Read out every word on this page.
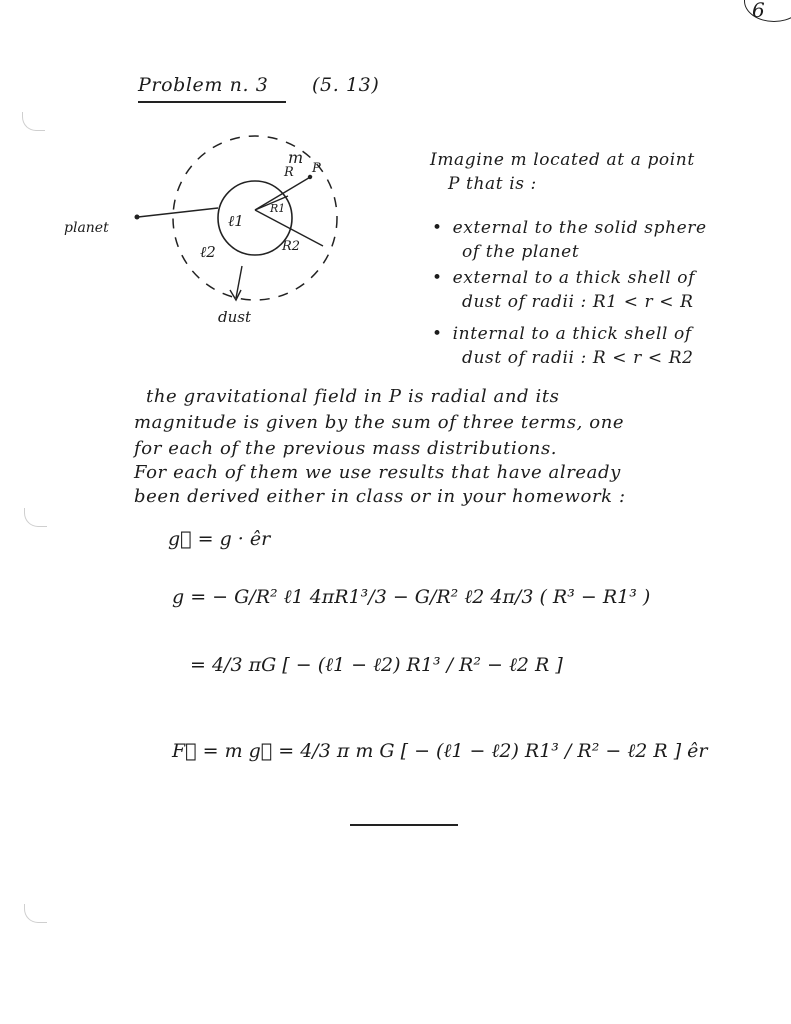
6
Problem n. 3 (5. 13)
m
R P
R1
ℓ1
R2
ℓ2
planet
dust
Imagine m located at a point
P that is :
• external to the solid sphere
of the planet
• external to a thick shell of
dust of radii : R1 < r < R
• internal to a thick shell of
dust of radii : R < r < R2
the gravitational field in P is radial and its
magnitude is given by the sum of three terms, one
for each of the previous mass distributions.
For each of them we use results that have already
been derived either in class or in your homework :
g⃗ = g · êr
g = − G/R² ℓ1 4πR1³/3 − G/R² ℓ2 4π/3 ( R³ − R1³ )
= 4/3 πG [ − (ℓ1 − ℓ2) R1³ / R² − ℓ2 R ]
F⃗ = m g⃗ = 4/3 π m G [ − (ℓ1 − ℓ2) R1³ / R² − ℓ2 R ] êr
